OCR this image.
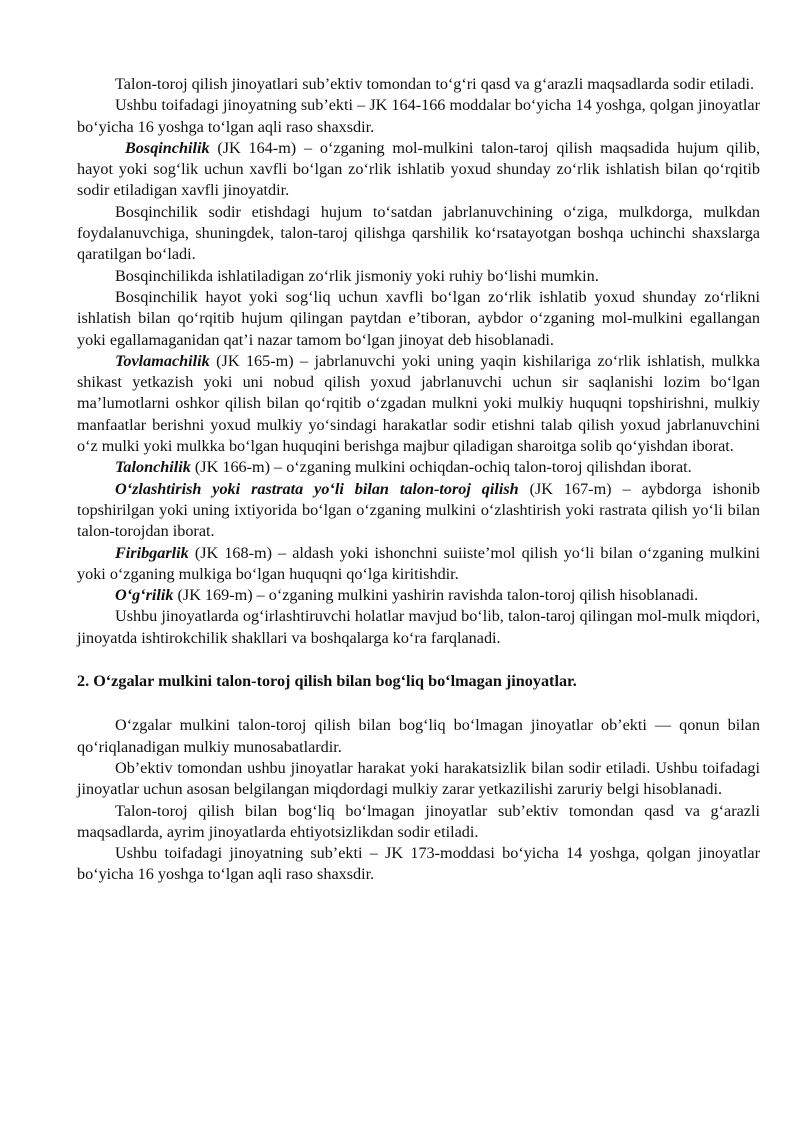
Talon-toroj qilish jinoyatlari sub’ektiv tomondan to‘g‘ri qasd va g‘arazli maqsadlarda sodir etiladi.

Ushbu toifadagi jinoyatning sub’ekti – JK 164-166 moddalar bo‘yicha 14 yoshga, qolgan jinoyatlar bo‘yicha 16 yoshga to‘lgan aqli raso shaxsdir.

Bosqinchilik (JK 164-m) – o‘zganing mol-mulkini talon-taroj qilish maqsadida hujum qilib, hayot yoki sog‘lik uchun xavfli bo‘lgan zo‘rlik ishlatib yoxud shunday zo‘rlik ishlatish bilan qo‘rqitib sodir etiladigan xavfli jinoyatdir.

Bosqinchilik sodir etishdagi hujum to‘satdan jabrlanuvchining o‘ziga, mulkdorga, mulkdan foydalanuvchiga, shuningdek, talon-taroj qilishga qarshilik ko‘rsatayotgan boshqa uchinchi shaxslarga qaratilgan bo‘ladi.

Bosqinchilikda ishlatiladigan zo‘rlik jismoniy yoki ruhiy bo‘lishi mumkin.

Bosqinchilik hayot yoki sog‘liq uchun xavfli bo‘lgan zo‘rlik ishlatib yoxud shunday zo‘rlikni ishlatish bilan qo‘rqitib hujum qilingan paytdan e’tiboran, aybdor o‘zganing mol-mulkini egallangan yoki egallamaganidan qat’i nazar tamom bo‘lgan jinoyat deb hisoblanadi.

Tovlamachilik (JK 165-m) – jabrlanuvchi yoki uning yaqin kishilariga zo‘rlik ishlatish, mulkka shikast yetkazish yoki uni nobud qilish yoxud jabrlanuvchi uchun sir saqlanishi lozim bo‘lgan ma’lumotlarni oshkor qilish bilan qo‘rqitib o‘zgadan mulkni yoki mulkiy huquqni topshirishni, mulkiy manfaatlar berishni yoxud mulkiy yo‘sindagi harakatlar sodir etishni talab qilish yoxud jabrlanuvchini o‘z mulki yoki mulkka bo‘lgan huquqini berishga majbur qiladigan sharoitga solib qo‘yishdan iborat.

Talonchilik (JK 166-m) – o‘zganing mulkini ochiqdan-ochiq talon-toroj qilishdan iborat.

O‘zlashtirish yoki rastrata yo‘li bilan talon-toroj qilish (JK 167-m) – aybdorga ishonib topshirilgan yoki uning ixtiyorida bo‘lgan o‘zganing mulkini o‘zlashtirish yoki rastrata qilish yo‘li bilan talon-torojdan iborat.

Firibgarlik (JK 168-m) – aldash yoki ishonchni suiiste’mol qilish yo‘li bilan o‘zganing mulkini yoki o‘zganing mulkiga bo‘lgan huquqni qo‘lga kiritishdir.

O‘g‘rilik (JK 169-m) – o‘zganing mulkini yashirin ravishda talon-toroj qilish hisoblanadi.

Ushbu jinoyatlarda og‘irlashtiruvchi holatlar mavjud bo‘lib, talon-taroj qilingan mol-mulk miqdori, jinoyatda ishtirokchilik shakllari va boshqalarga ko‘ra farqlanadi.

2. O‘zgalar mulkini talon-toroj qilish bilan bog‘liq bo‘lmagan jinoyatlar.

O‘zgalar mulkini talon-toroj qilish bilan bog‘liq bo‘lmagan jinoyatlar ob’ekti — qonun bilan qo‘riqlanadigan mulkiy munosabatlardir.

Ob’ektiv tomondan ushbu jinoyatlar harakat yoki harakatsizlik bilan sodir etiladi. Ushbu toifadagi jinoyatlar uchun asosan belgilangan miqdordagi mulkiy zarar yetkazilishi zaruriy belgi hisoblanadi.

Talon-toroj qilish bilan bog‘liq bo‘lmagan jinoyatlar sub’ektiv tomondan qasd va g‘arazli maqsadlarda, ayrim jinoyatlarda ehtiyotsizlikdan sodir etiladi.

Ushbu toifadagi jinoyatning sub’ekti – JK 173-moddasi bo‘yicha 14 yoshga, qolgan jinoyatlar bo‘yicha 16 yoshga to‘lgan aqli raso shaxsdir.
